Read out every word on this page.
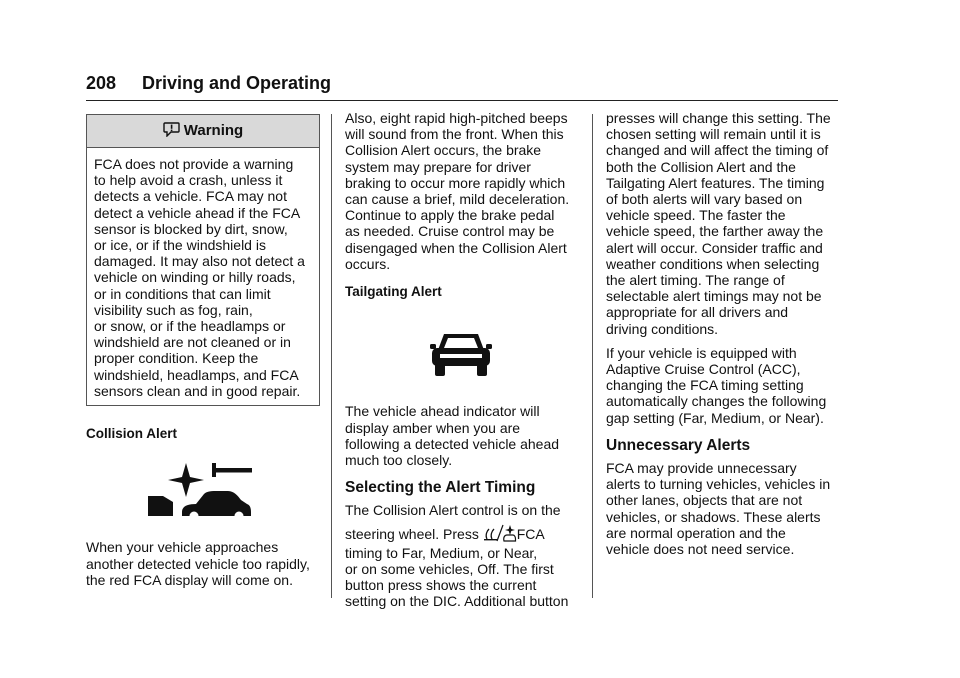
208 Driving and Operating
Warning
FCA does not provide a warning
to help avoid a crash, unless it
detects a vehicle. FCA may not
detect a vehicle ahead if the FCA
sensor is blocked by dirt, snow,
or ice, or if the windshield is
damaged. It may also not detect a
vehicle on winding or hilly roads,
or in conditions that can limit
visibility such as fog, rain,
or snow, or if the headlamps or
windshield are not cleaned or in
proper condition. Keep the
windshield, headlamps, and FCA
sensors clean and in good repair.
Collision Alert
When your vehicle approaches
another detected vehicle too rapidly,
the red FCA display will come on.

Also, eight rapid high-pitched beeps
will sound from the front. When this
Collision Alert occurs, the brake
system may prepare for driver
braking to occur more rapidly which
can cause a brief, mild deceleration.
Continue to apply the brake pedal
as needed. Cruise control may be
disengaged when the Collision Alert
occurs.

Tailgating Alert

The vehicle ahead indicator will
display amber when you are
following a detected vehicle ahead
much too closely.

Selecting the Alert Timing
The Collision Alert control is on the
steering wheel. Press	FCA
timing to Far, Medium, or Near,
or on some vehicles, Off. The first
button press shows the current
setting on the DIC. Additional button

presses will change this setting. The
chosen setting will remain until it is
changed and will affect the timing of
both the Collision Alert and the
Tailgating Alert features. The timing
of both alerts will vary based on
vehicle speed. The faster the
vehicle speed, the farther away the
alert will occur. Consider traffic and
weather conditions when selecting
the alert timing. The range of
selectable alert timings may not be
appropriate for all drivers and
driving conditions.

If your vehicle is equipped with
Adaptive Cruise Control (ACC),
changing the FCA timing setting
automatically changes the following
gap setting (Far, Medium, or Near).

Unnecessary Alerts

FCA may provide unnecessary
alerts to turning vehicles, vehicles in
other lanes, objects that are not
vehicles, or shadows. These alerts
are normal operation and the
vehicle does not need service.
